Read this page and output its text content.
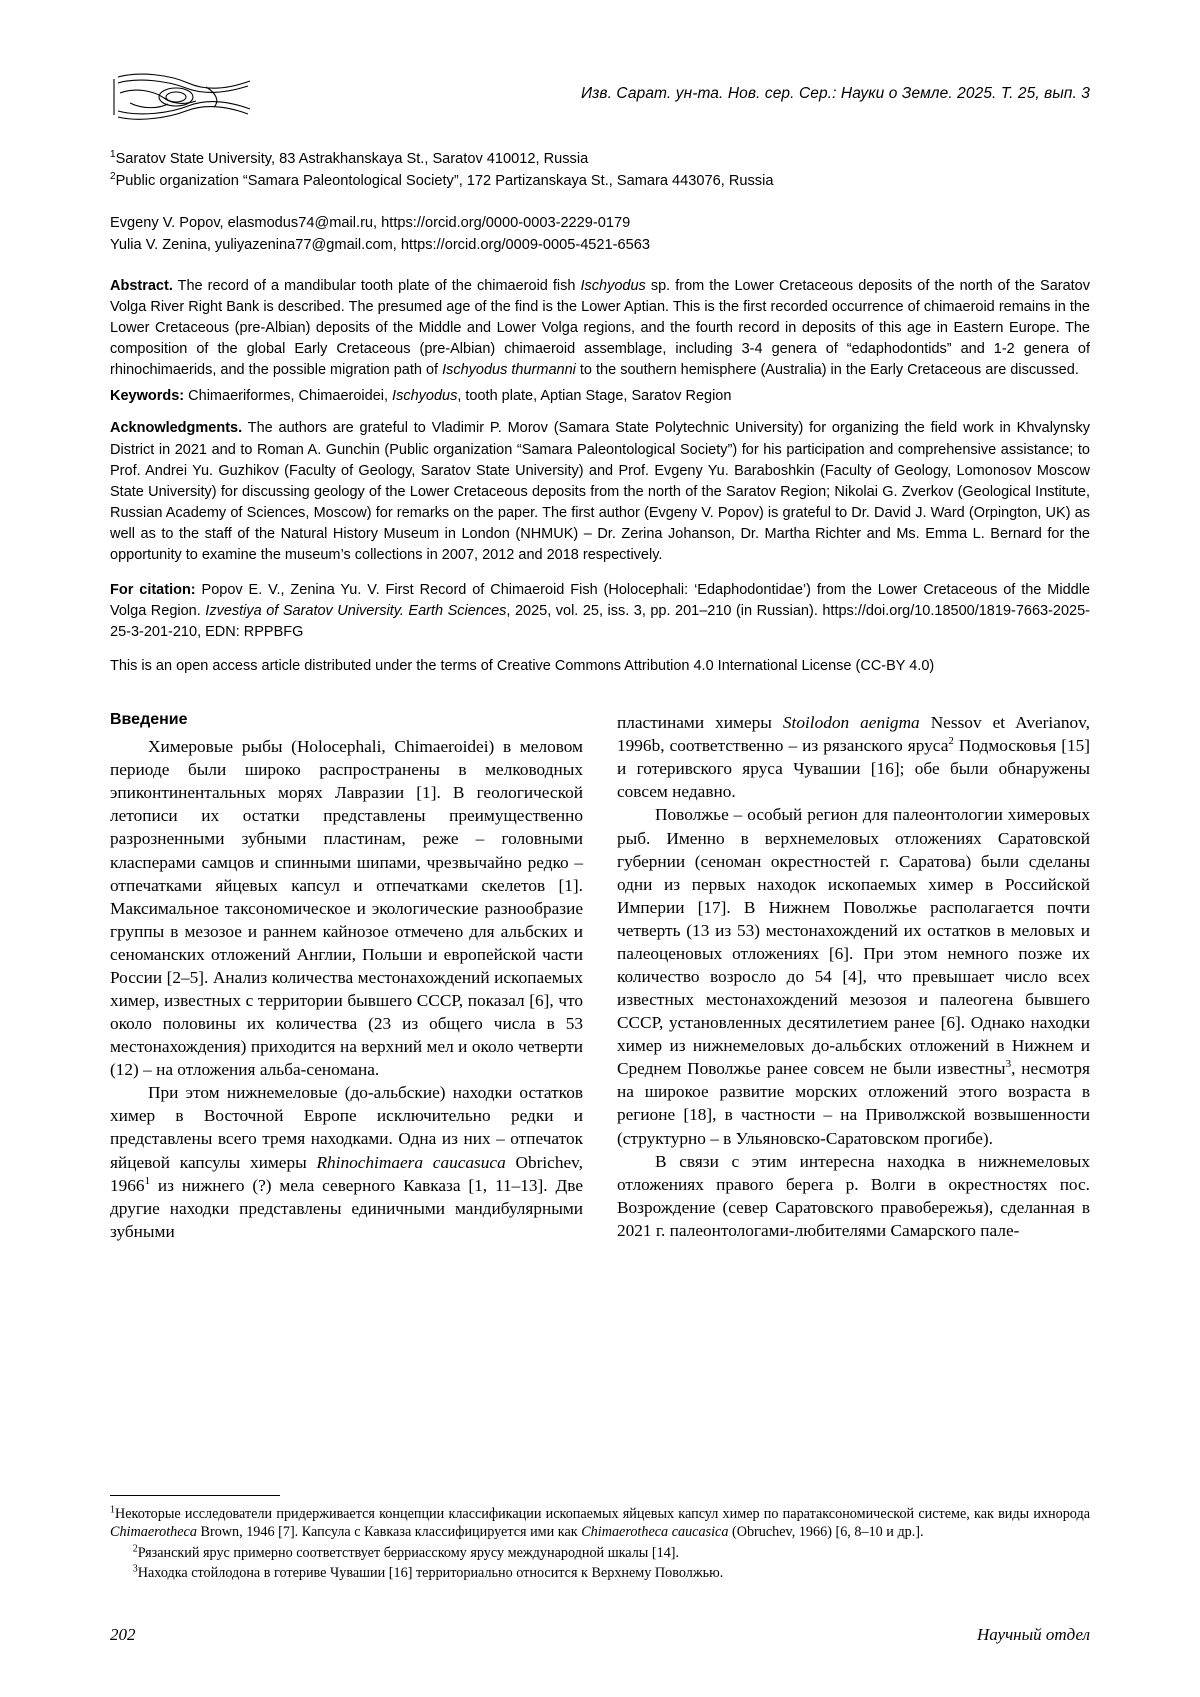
Изв. Сарат. ун-та. Нов. сер. Сер.: Науки о Земле. 2025. Т. 25, вып. 3
$^1$Saratov State University, 83 Astrakhanskaya St., Saratov 410012, Russia
$^2$Public organization “Samara Paleontological Society”, 172 Partizanskaya St., Samara 443076, Russia
Evgeny V. Popov, elasmodus74@mail.ru, https://orcid.org/0000-0003-2229-0179
Yulia V. Zenina, yuliyazenina77@gmail.com, https://orcid.org/0009-0005-4521-6563
Abstract. The record of a mandibular tooth plate of the chimaeroid fish Ischyodus sp. from the Lower Cretaceous deposits of the north of the Saratov Volga River Right Bank is described. The presumed age of the find is the Lower Aptian. This is the first recorded occurrence of chimaeroid remains in the Lower Cretaceous (pre-Albian) deposits of the Middle and Lower Volga regions, and the fourth record in deposits of this age in Eastern Europe. The composition of the global Early Cretaceous (pre-Albian) chimaeroid assemblage, including 3-4 genera of “edaphodontids” and 1-2 genera of rhinochimaerids, and the possible migration path of Ischyodus thurmanni to the southern hemisphere (Australia) in the Early Cretaceous are discussed.
Keywords: Chimaeriformes, Chimaeroidei, Ischyodus, tooth plate, Aptian Stage, Saratov Region
Acknowledgments. The authors are grateful to Vladimir P. Morov (Samara State Polytechnic University) for organizing the field work in Khvalynsky District in 2021 and to Roman A. Gunchin (Public organization “Samara Paleontological Society”) for his participation and comprehensive assistance; to Prof. Andrei Yu. Guzhikov (Faculty of Geology, Saratov State University) and Prof. Evgeny Yu. Baraboshkin (Faculty of Geology, Lomonosov Moscow State University) for discussing geology of the Lower Cretaceous deposits from the north of the Saratov Region; Nikolai G. Zverkov (Geological Institute, Russian Academy of Sciences, Moscow) for remarks on the paper. The first author (Evgeny V. Popov) is grateful to Dr. David J. Ward (Orpington, UK) as well as to the staff of the Natural History Museum in London (NHMUK) – Dr. Zerina Johanson, Dr. Martha Richter and Ms. Emma L. Bernard for the opportunity to examine the museum’s collections in 2007, 2012 and 2018 respectively.
For citation: Popov E. V., Zenina Yu. V. First Record of Chimaeroid Fish (Holocephali: ‘Edaphodontidae’) from the Lower Cretaceous of the Middle Volga Region. Izvestiya of Saratov University. Earth Sciences, 2025, vol. 25, iss. 3, pp. 201–210 (in Russian). https://doi.org/10.18500/1819-7663-2025-25-3-201-210, EDN: RPPBFG
This is an open access article distributed under the terms of Creative Commons Attribution 4.0 International License (CC-BY 4.0)
Введение

Химеровые рыбы (Holocephali, Chimaeroidei) в меловом периоде были широко распространены в мелководных эпиконтинентальных морях Лавразии [1]. В геологической летописи их остатки представлены преимущественно разрозненными зубными пластинам, реже – головными класперами самцов и спинными шипами, чрезвычайно редко – отпечатками яйцевых капсул и отпечатками скелетов [1]. Максимальное таксономическое и экологические разнообразие группы в мезозое и раннем кайнозое отмечено для альбских и сеноманских отложений Англии, Польши и европейской части России [2–5]. Анализ количества местонахождений ископаемых химер, известных с территории бывшего СССР, показал [6], что около половины их количества (23 из общего числа в 53 местонахождения) приходится на верхний мел и около четверти (12) – на отложения альба-сеномана.

При этом нижнемеловые (до-альбские) находки остатков химер в Восточной Европе исключительно редки и представлены всего тремя находками. Одна из них – отпечаток яйцевой капсулы химеры Rhinochimaera caucasuca Obrichev, 1966$^1$ из нижнего (?) мела северного Кавказа [1, 11–13]. Две другие находки представлены единичными мандибулярными зубными

пластинами химеры Stoilodon aenigma Nessov et Averianov, 1996b, соответственно – из рязанского яруса$^2$ Подмосковья [15] и готеривского яруса Чувашии [16]; обе были обнаружены совсем недавно.

Поволжье – особый регион для палеонтологии химеровых рыб. Именно в верхнемеловых отложениях Саратовской губернии (сеноман окрестностей г. Саратова) были сделаны одни из первых находок ископаемых химер в Российской Империи [17]. В Нижнем Поволжье располагается почти четверть (13 из 53) местонахождений их остатков в меловых и палеоценовых отложениях [6]. При этом немного позже их количество возросло до 54 [4], что превышает число всех известных местонахождений мезозоя и палеогена бывшего СССР, установленных десятилетием ранее [6]. Однако находки химер из нижнемеловых до-альбских отложений в Нижнем и Среднем Поволжье ранее совсем не были известны$^3$, несмотря на широкое развитие морских отложений этого возраста в регионе [18], в частности – на Приволжской возвышенности (структурно – в Ульяновско-Саратовском прогибе).

В связи с этим интересна находка в нижнемеловых отложениях правого берега р. Волги в окрестностях пос. Возрождение (север Саратовского правобережья), сделанная в 2021 г. палеонтологами-любителями Самарского пале-

$^1$Некоторые исследователи придерживается концепции классификации ископаемых яйцевых капсул химер по паратаксономической системе, как виды ихнорода Chimaerotheca Brown, 1946 [7]. Капсула с Кавказа классифицируется ими как Chimaerotheca caucasica (Obruchev, 1966) [6, 8–10 и др.].

$^2$Рязанский ярус примерно соответствует берриасскому ярусу международной шкалы [14].

$^3$Находка стойлодона в готериве Чувашии [16] территориально относится к Верхнему Поволжью.

202	Научный отдел
